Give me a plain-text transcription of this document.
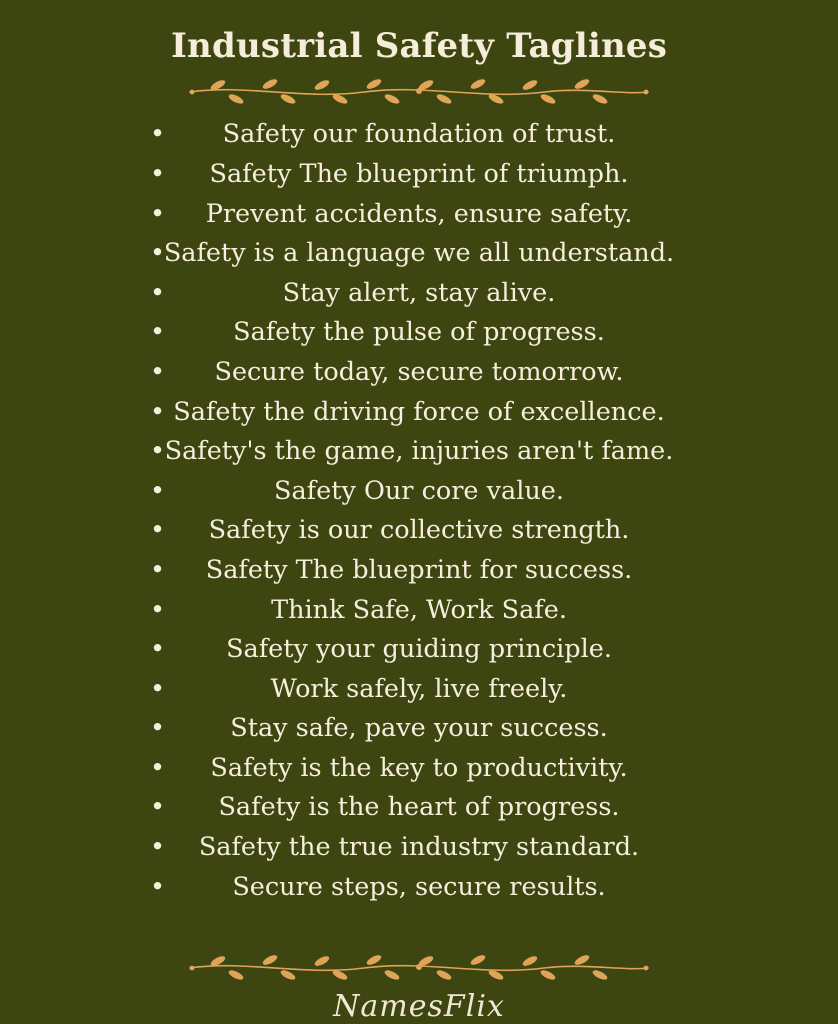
Industrial Safety Taglines
• Safety our foundation of trust.
• Safety The blueprint of triumph.
• Prevent accidents, ensure safety.
•
Safety is a language we all understand.
•	Stay alert, stay alive.
•	Safety the pulse of progress.
• Secure today, secure tomorrow.
• Safety the driving force of excellence.
• Safety's the game, injuries aren't fame.
•	Safety Our core value.
• Safety is our collective strength.
• Safety The blueprint for success.
•	Think Safe, Work Safe.
• Safety your guiding principle.
•	Work safely, live freely.
•	Stay safe, pave your success.
• Safety is the key to productivity.
• Safety is the heart of progress.
• Safety the true industry standard.
•	Secure steps, secure results.
NamesFlix
